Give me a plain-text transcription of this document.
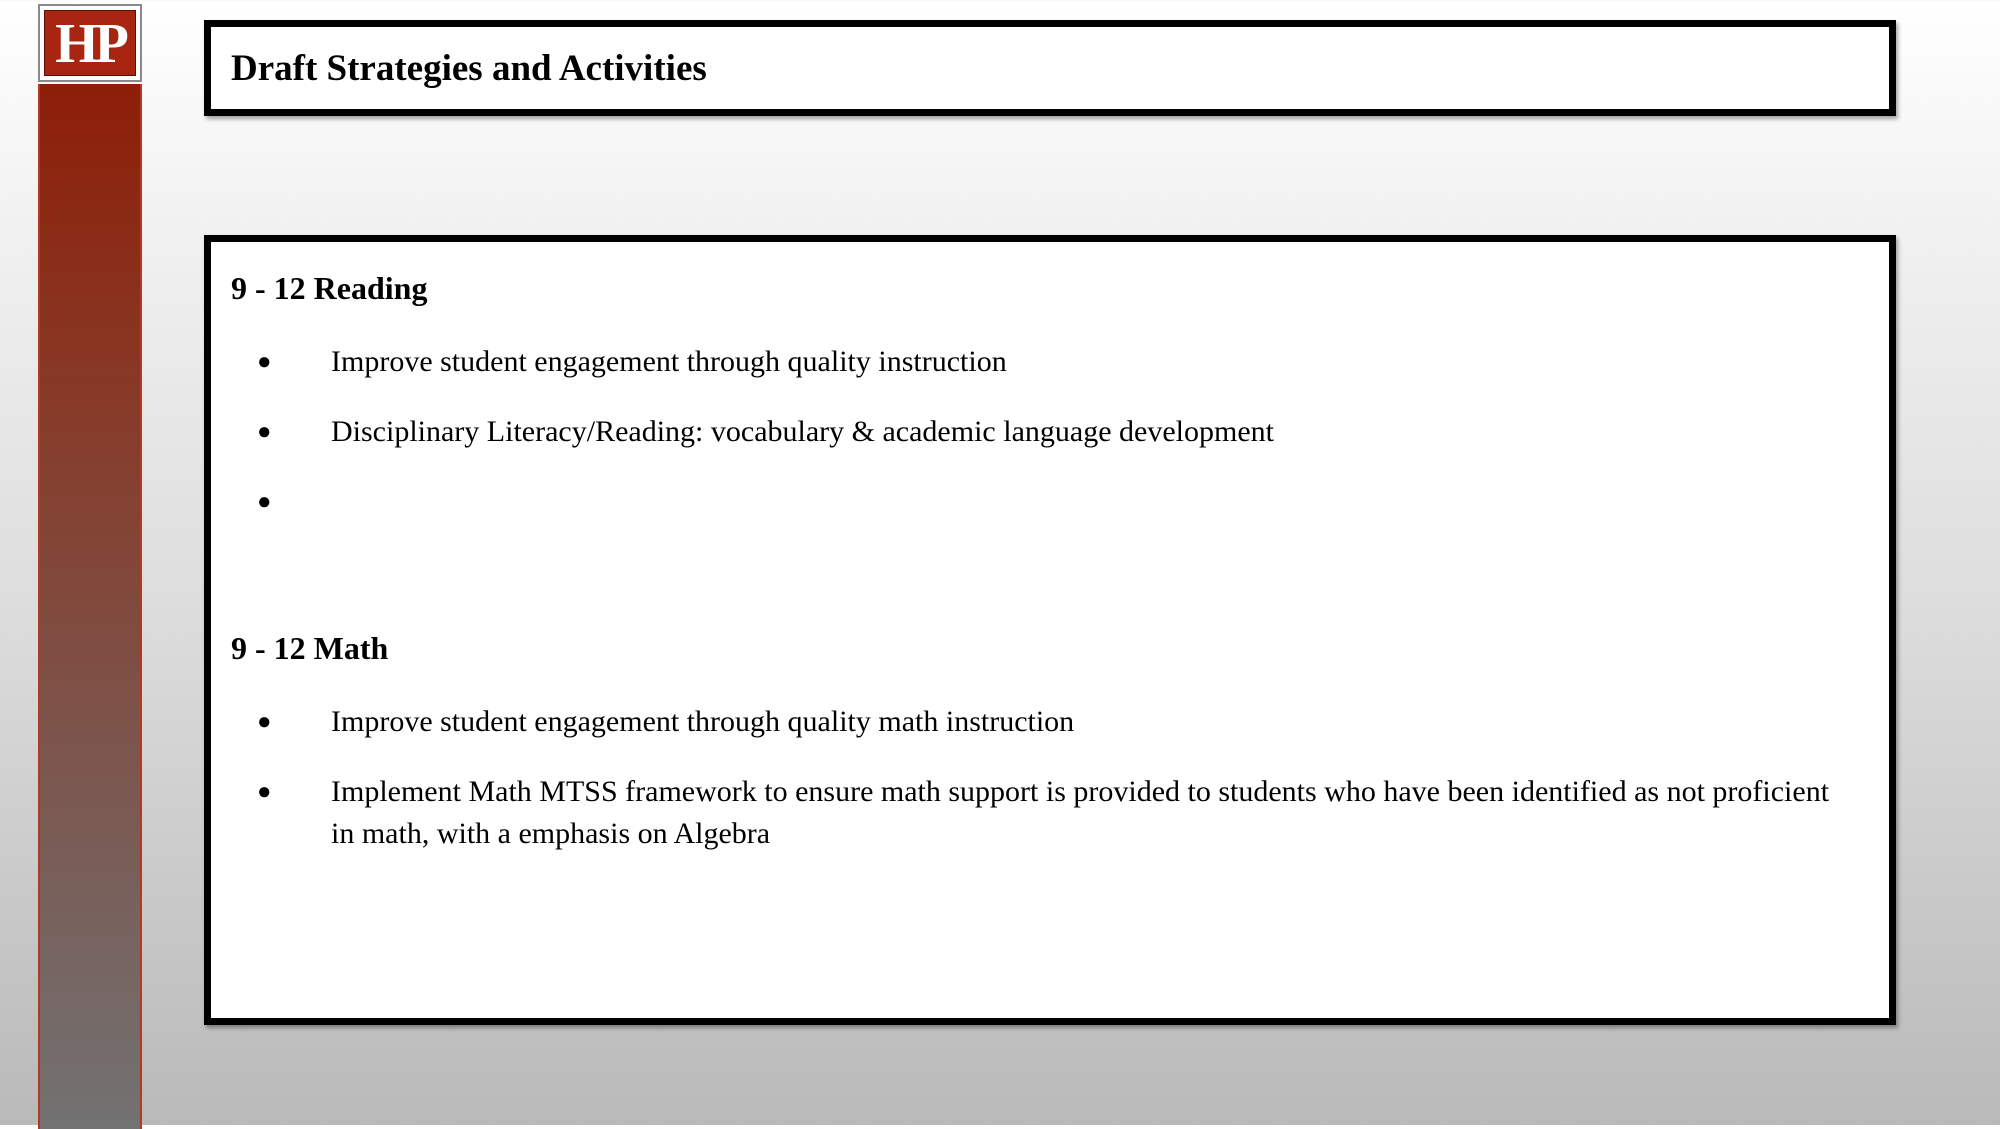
HP	Draft Strategies and Activities
9 - 12 Reading
● Improve student engagement through quality instruction
● Disciplinary Literacy/Reading: vocabulary & academic language development
●
9 - 12 Math
● Improve student engagement through quality math instruction
● Implement Math MTSS framework to ensure math support is provided to students who have been identified as not proficient in math, with a emphasis on Algebra
